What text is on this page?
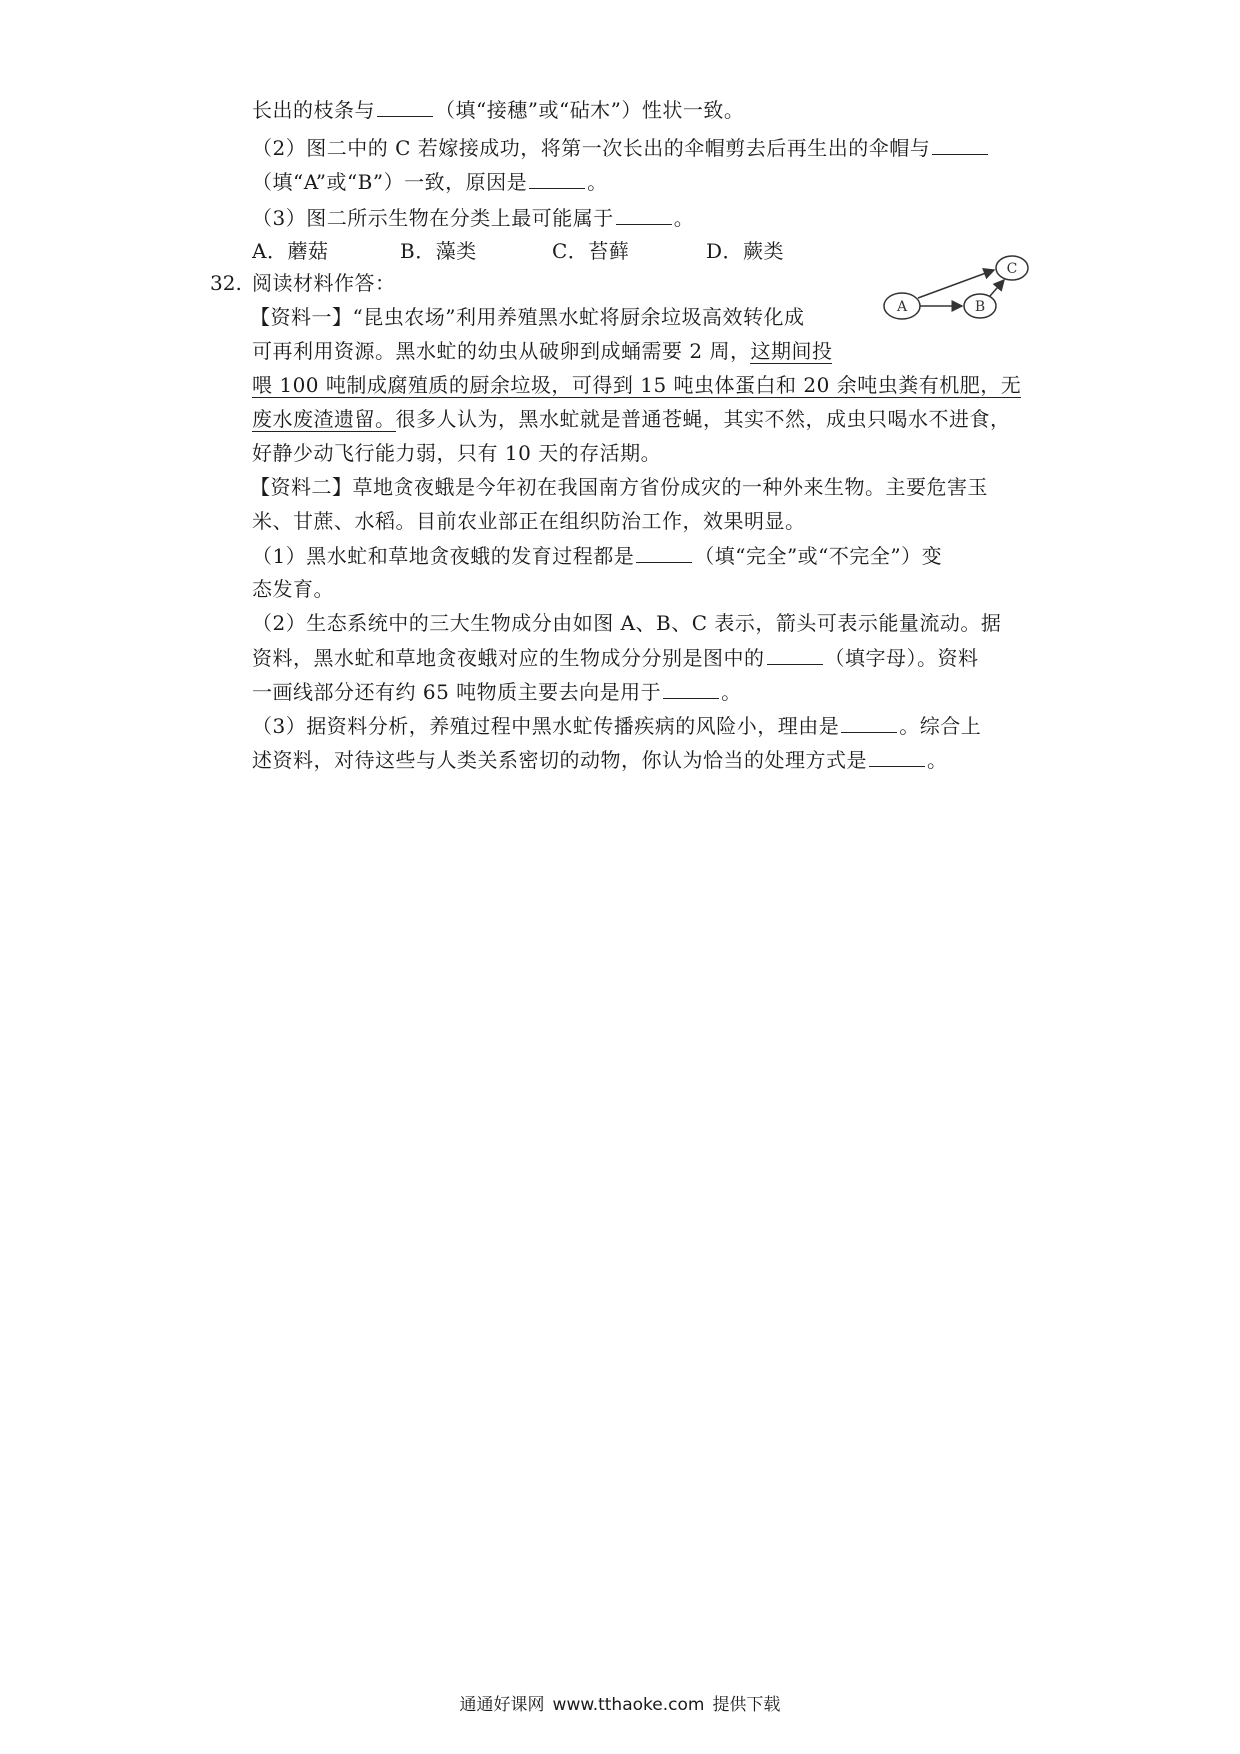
长出的枝条与	（填“接穗”或“砧木”）性状一致。
（2）图二中的 C 若嫁接成功，将第一次长出的伞帽剪去后再生出的伞帽与
（填“A”或“B”）一致，原因是	。
（3）图二所示生物在分类上最可能属于	。
A．蘑菇	B．藻类	C．苔藓	D．蕨类
32. 阅读材料作答：
【资料一】“昆虫农场”利用养殖黑水虻将厨余垃圾高效转化成
可再利用资源。黑水虻的幼虫从破卵到成蛹需要 2 周，这期间投
喂 100 吨制成腐殖质的厨余垃圾，可得到 15 吨虫体蛋白和 20 余吨虫粪有机肥，无
废水废渣遗留。很多人认为，黑水虻就是普通苍蝇，其实不然，成虫只喝水不进食，
好静少动飞行能力弱，只有 10 天的存活期。
【资料二】草地贪夜蛾是今年初在我国南方省份成灾的一种外来生物。主要危害玉
米、甘蔗、水稻。目前农业部正在组织防治工作，效果明显。
（1）黑水虻和草地贪夜蛾的发育过程都是	（填“完全”或“不完全”）变
态发育。
（2）生态系统中的三大生物成分由如图 A、B、C 表示，箭头可表示能量流动。据
资料，黑水虻和草地贪夜蛾对应的生物成分分别是图中的	（填字母）。资料
一画线部分还有约 65 吨物质主要去向是用于	。
（3）据资料分析，养殖过程中黑水虻传播疾病的风险小，理由是	。综合上
述资料，对待这些与人类关系密切的动物，你认为恰当的处理方式是	。
A	B
C
通通好课网 www.tthaoke.com 提供下载
